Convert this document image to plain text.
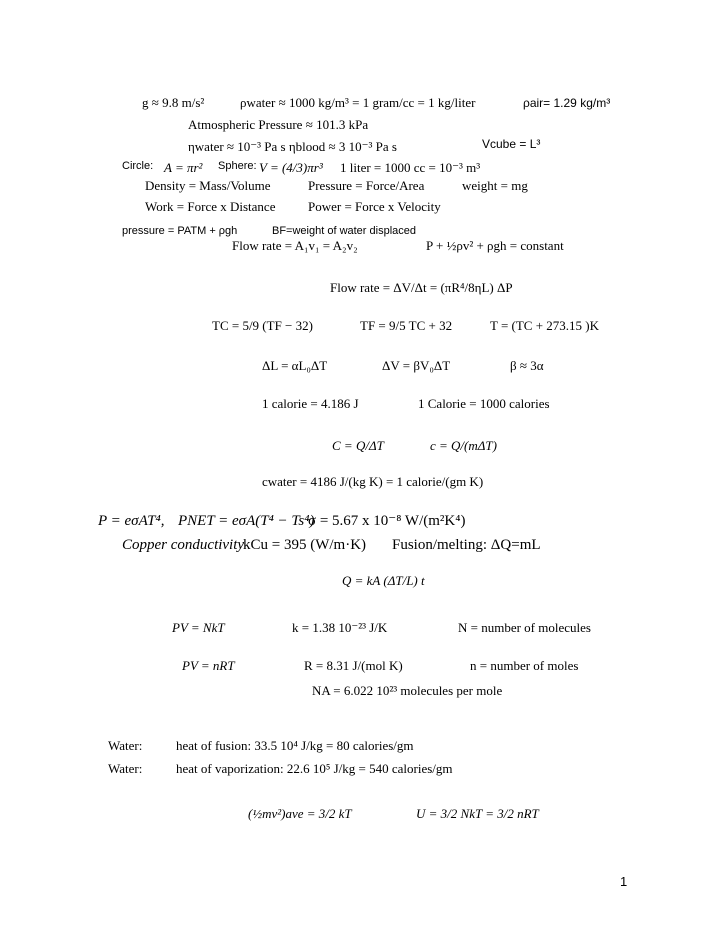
g ≈ 9.8 m/s²	ρwater ≈ 1000 kg/m³ = 1 gram/cc = 1 kg/liter	ρair= 1.29 kg/m³
Atmospheric Pressure ≈ 101.3 kPa
Vcube = L³
ηwater ≈ 10⁻³ Pa s ηblood ≈ 3 10⁻³ Pa s
Circle: A = πr² Sphere: V = (4/3)πr³ 1 liter = 1000 cc = 10⁻³ m³
Density = Mass/Volume	Pressure = Force/Area	weight = mg
Work = Force x Distance	Power = Force x Velocity
pressure = PATM + ρgh	BF=weight of water displaced
Flow rate = A₁v₁ = A₂v₂	P + ½ρv² + ρgh = constant
Flow rate = ΔV/Δt = (πR⁴/8ηL) ΔP
TC = 5/9 (TF − 32)	TF = 9/5 TC + 32	T = (TC + 273.15 )K
ΔL = αL₀ΔT	ΔV = βV₀ΔT	β ≈ 3α
1 calorie = 4.186 J	1 Calorie = 1000 calories
C = Q/ΔT	c = Q/(mΔT)
cwater = 4186 J/(kg K) = 1 calorie/(gm K)
P = eσAT⁴, PNET = eσA(T⁴ − Ts⁴)
σ = 5.67 x 10⁻⁸ W/(m²K⁴)
Copper conductivity
kCu = 395 (W/m·K) Fusion/melting: ΔQ=mL
Q = kA (ΔT/L) t
PV = NkT	k = 1.38 10⁻²³ J/K	N = number of molecules
PV = nRT	R = 8.31 J/(mol K)	n = number of moles
NA = 6.022 10²³ molecules per mole
Water:	heat of fusion: 33.5 10⁴ J/kg = 80 calories/gm
Water:	heat of vaporization: 22.6 10⁵ J/kg = 540 calories/gm
(½mv²)ave = 3/2 kT	U = 3/2 NkT = 3/2 nRT
1
